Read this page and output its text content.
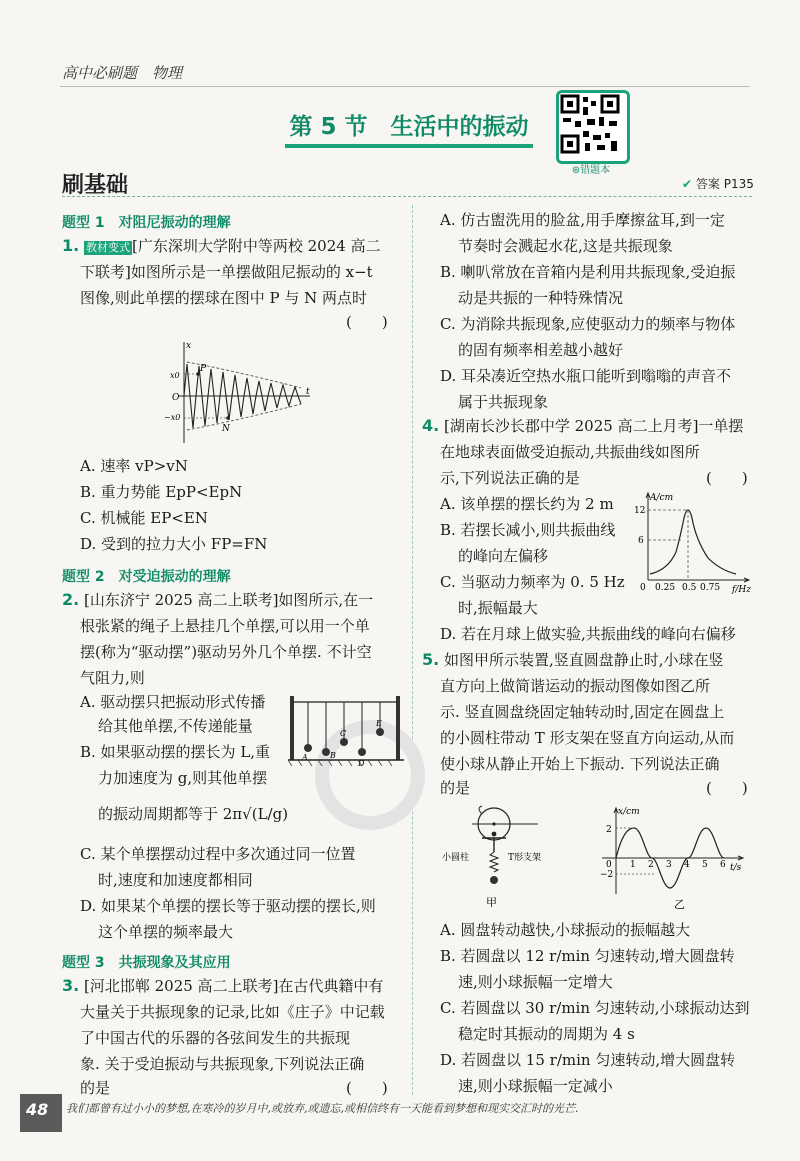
高中必刷题　物理
第 5 节　生活中的振动
⊛错题本
刷基础	✔ 答案 P135
题型 1　对阻尼振动的理解
1. 教材变式 [广东深圳大学附中等两校 2024 高二
下联考]如图所示是一单摆做阻尼振动的 x−t
图像,则此单摆的摆球在图中 P 与 N 两点时
(　　)
x
t
x0
−x0
O
P
N
A. 速率 vP>vN
B. 重力势能 EpP<EpN
C. 机械能 EP<EN
D. 受到的拉力大小 FP=FN
题型 2　对受迫振动的理解
2. [山东济宁 2025 高二上联考]如图所示,在一
根张紧的绳子上悬挂几个单摆,可以用一个单
摆(称为“驱动摆”)驱动另外几个单摆. 不计空
气阻力,则
A. 驱动摆只把振动形式传播
给其他单摆,不传递能量
B. 如果驱动摆的摆长为 L,重
力加速度为 g,则其他单摆
的振动周期都等于 2π√(L/g)
A	B
C
D
E
C. 某个单摆摆动过程中多次通过同一位置
时,速度和加速度都相同
D. 如果某个单摆的摆长等于驱动摆的摆长,则
这个单摆的频率最大
题型 3　共振现象及其应用
3. [河北邯郸 2025 高二上联考]在古代典籍中有
大量关于共振现象的记录,比如《庄子》中记载
了中国古代的乐器的各弦间发生的共振现
象. 关于受迫振动与共振现象,下列说法正确
的是	(　　)
A. 仿古盥洗用的脸盆,用手摩擦盆耳,到一定
节奏时会溅起水花,这是共振现象
B. 喇叭常放在音箱内是利用共振现象,受迫振
动是共振的一种特殊情况
C. 为消除共振现象,应使驱动力的频率与物体
的固有频率相差越小越好
D. 耳朵凑近空热水瓶口能听到嗡嗡的声音不
属于共振现象
4. [湖南长沙长郡中学 2025 高二上月考]一单摆
在地球表面做受迫振动,共振曲线如图所
示,下列说法正确的是	(　　)
A. 该单摆的摆长约为 2 m
B. 若摆长减小,则共振曲线
的峰向左偏移
C. 当驱动力频率为 0. 5 Hz
时,振幅最大
A/cm
f/Hz
12
6
0 0.25 0.5 0.75
D. 若在月球上做实验,共振曲线的峰向右偏移
5. 如图甲所示装置,竖直圆盘静止时,小球在竖
直方向上做简谐运动的振动图像如图乙所
示. 竖直圆盘绕固定轴转动时,固定在圆盘上
的小圆柱带动 T 形支架在竖直方向运动,从而
使小球从静止开始上下振动. 下列说法正确
的是	(　　)
小圆柱	T形支架
甲
x/cm
t/s
2
−2
0 1 2 3 4 5 6
乙
A. 圆盘转动越快,小球振动的振幅越大
B. 若圆盘以 12 r/min 匀速转动,增大圆盘转
速,则小球振幅一定增大
C. 若圆盘以 30 r/min 匀速转动,小球振动达到
稳定时其振动的周期为 4 s
D. 若圆盘以 15 r/min 匀速转动,增大圆盘转
速,则小球振幅一定减小
48 我们都曾有过小小的梦想,在寒冷的岁月中,或放弃,或遗忘,或相信终有一天能看到梦想和现实交汇时的光芒.
